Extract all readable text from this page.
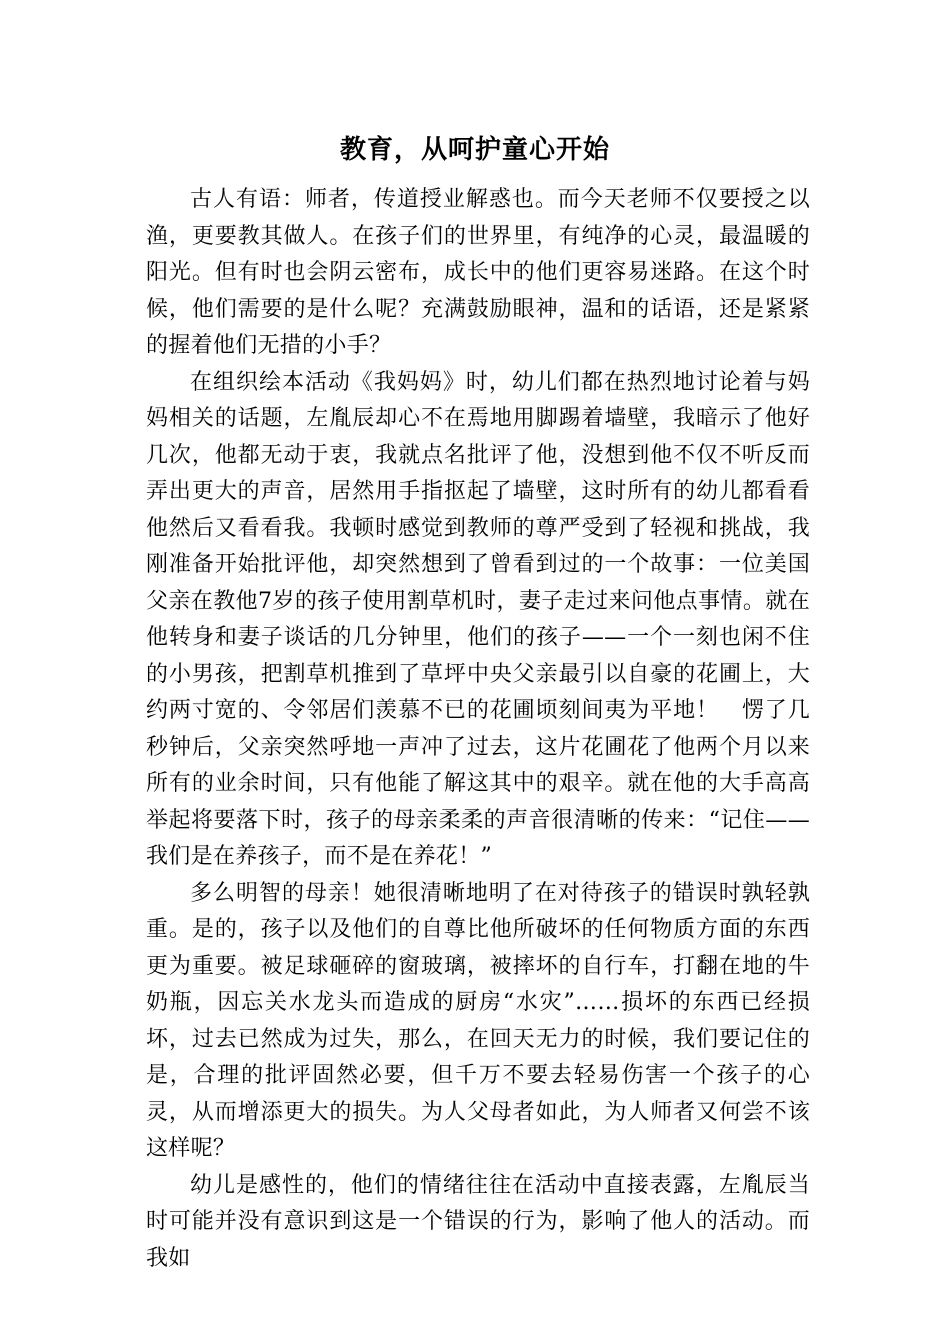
教育，从呵护童心开始

古人有语：师者，传道授业解惑也。而今天老师不仅要授之以渔，更要教其做人。在孩子们的世界里，有纯净的心灵，最温暖的阳光。但有时也会阴云密布，成长中的他们更容易迷路。在这个时候，他们需要的是什么呢？充满鼓励眼神，温和的话语，还是紧紧的握着他们无措的小手？

在组织绘本活动《我妈妈》时，幼儿们都在热烈地讨论着与妈妈相关的话题，左胤辰却心不在焉地用脚踢着墙壁，我暗示了他好几次，他都无动于衷，我就点名批评了他，没想到他不仅不听反而弄出更大的声音，居然用手指抠起了墙壁，这时所有的幼儿都看看他然后又看看我。我顿时感觉到教师的尊严受到了轻视和挑战，我刚准备开始批评他，却突然想到了曾看到过的一个故事：一位美国父亲在教他7岁的孩子使用割草机时，妻子走过来问他点事情。就在他转身和妻子谈话的几分钟里，他们的孩子——一个一刻也闲不住的小男孩，把割草机推到了草坪中央父亲最引以自豪的花圃上，大约两寸宽的、令邻居们羡慕不已的花圃顷刻间夷为平地！　愣了几秒钟后，父亲突然呼地一声冲了过去，这片花圃花了他两个月以来所有的业余时间，只有他能了解这其中的艰辛。就在他的大手高高举起将要落下时，孩子的母亲柔柔的声音很清晰的传来：“记住——我们是在养孩子，而不是在养花！”

多么明智的母亲！她很清晰地明了在对待孩子的错误时孰轻孰重。是的，孩子以及他们的自尊比他所破坏的任何物质方面的东西更为重要。被足球砸碎的窗玻璃，被摔坏的自行车，打翻在地的牛奶瓶，因忘关水龙头而造成的厨房“水灾”……损坏的东西已经损坏，过去已然成为过失，那么，在回天无力的时候，我们要记住的是，合理的批评固然必要，但千万不要去轻易伤害一个孩子的心灵，从而增添更大的损失。为人父母者如此，为人师者又何尝不该这样呢？

幼儿是感性的，他们的情绪往往在活动中直接表露，左胤辰当时可能并没有意识到这是一个错误的行为，影响了他人的活动。而我如
